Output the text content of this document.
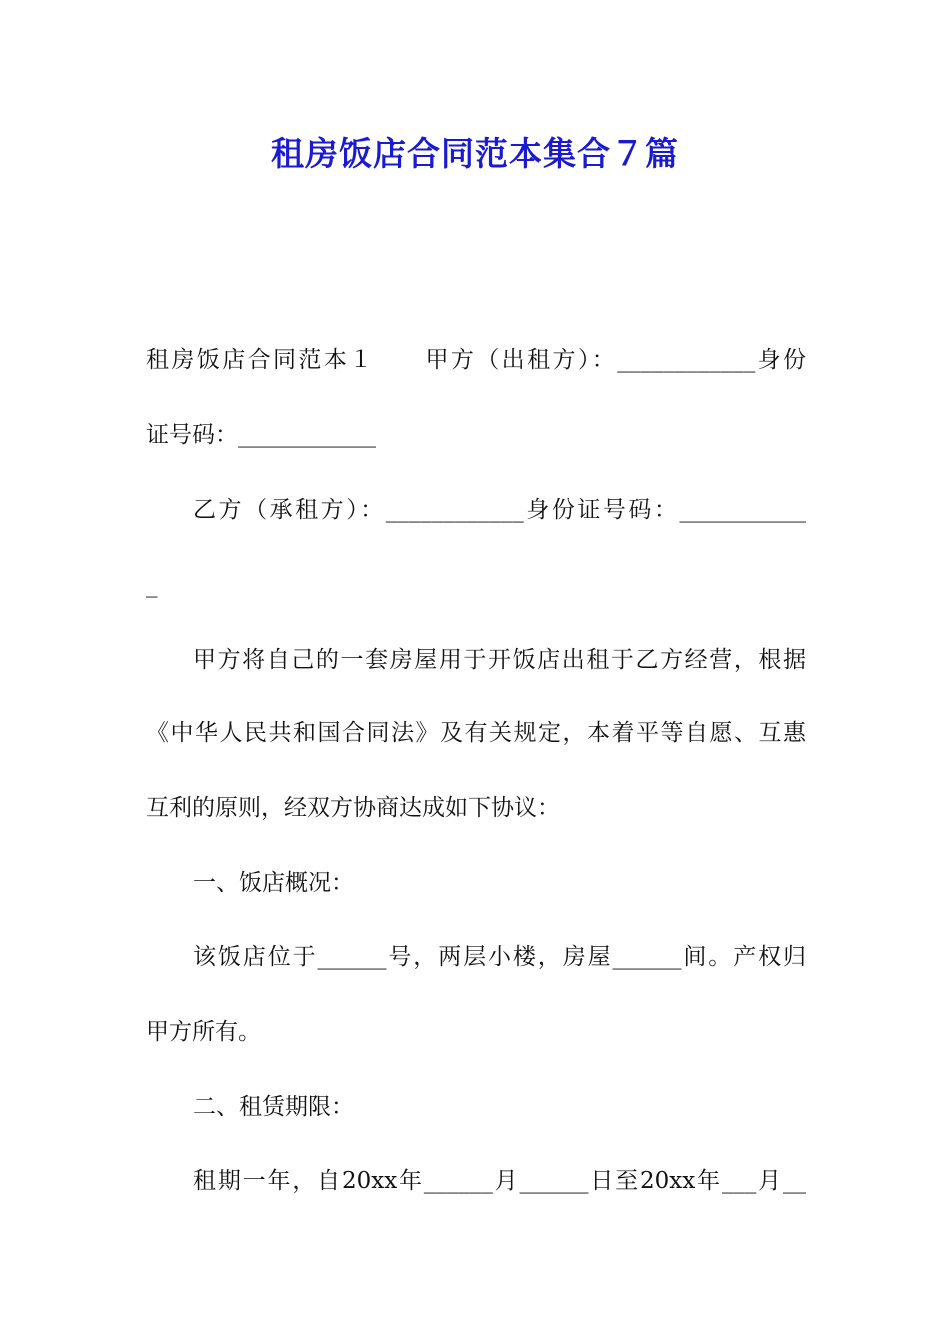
租房饭店合同范本集合７篇

租房饭店合同范本１　　甲方（出租方）：____________身份

证号码：____________

乙方（承租方）：____________身份证号码：___________

_

甲方将自己的一套房屋用于开饭店出租于乙方经营，根据

《中华人民共和国合同法》及有关规定，本着平等自愿、互惠

互利的原则，经双方协商达成如下协议：

一、饭店概况：

该饭店位于______号，两层小楼，房屋______间。产权归

甲方所有。

二、租赁期限：

租期一年，自20xx年______月______日至20xx年___月__
